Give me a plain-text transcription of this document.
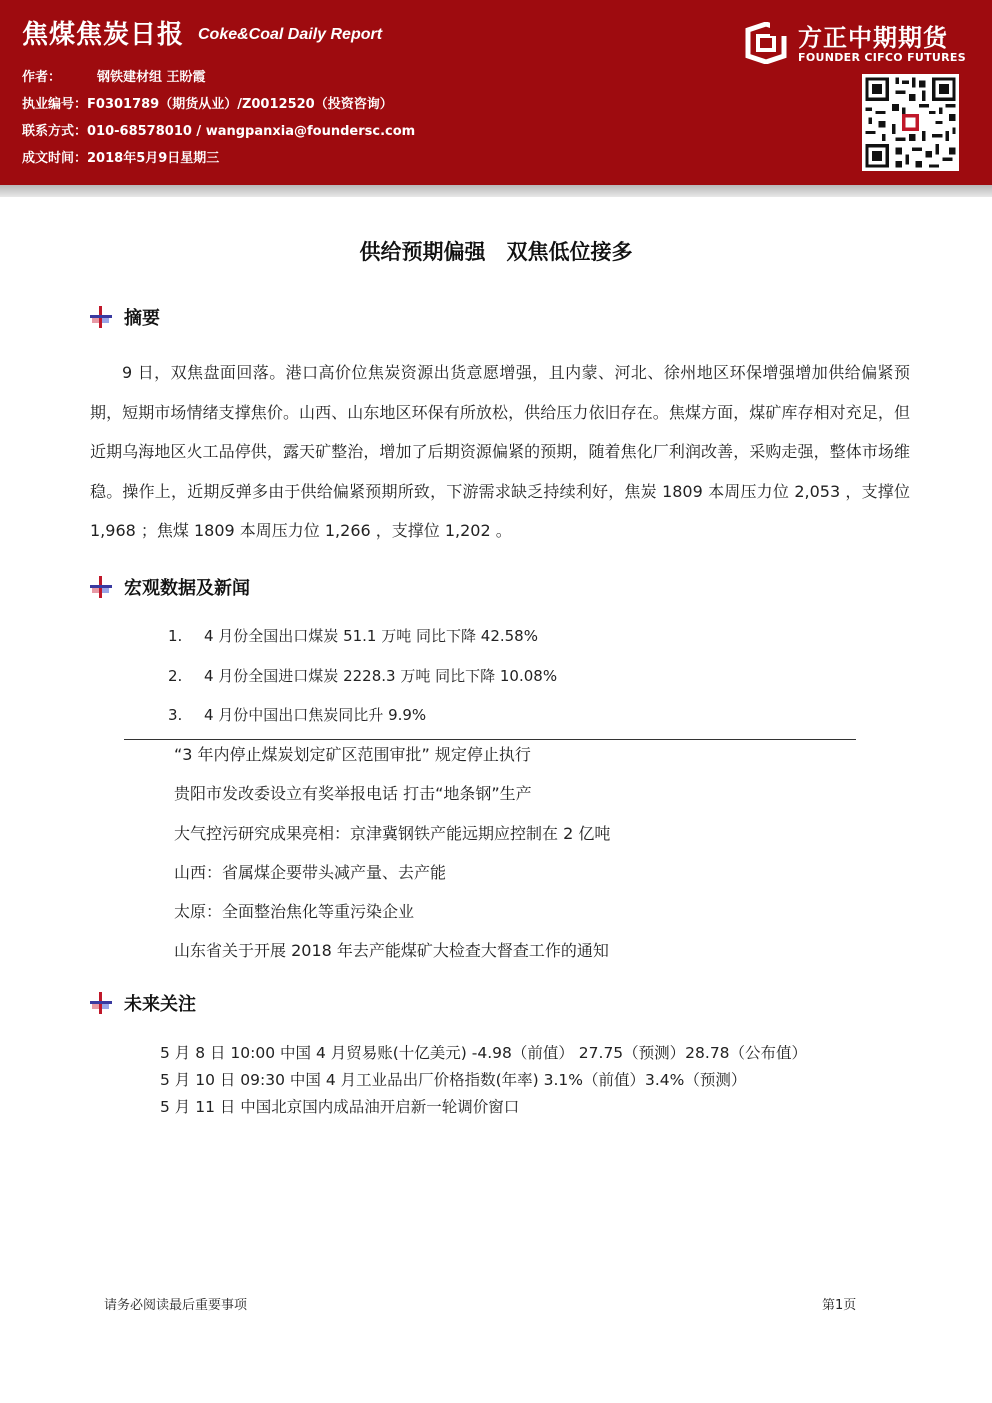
焦煤焦炭日报 Coke&Coal Daily Report
作者：	钢铁建材组 王盼霞
执业编号：F0301789（期货从业）/Z0012520（投资咨询）
联系方式：010-68578010 / wangpanxia@foundersc.com
成文时间：2018年5月9日星期三
方正中期期货
FOUNDER CIFCO FUTURES
供给预期偏强　双焦低位接多
摘要
9 日，双焦盘面回落。港口高价位焦炭资源出货意愿增强，且内蒙、河北、徐州地区环保增强增加供给偏紧预期，短期市场情绪支撑焦价。山西、山东地区环保有所放松，供给压力依旧存在。焦煤方面，煤矿库存相对充足，但近期乌海地区火工品停供，露天矿整治，增加了后期资源偏紧的预期，随着焦化厂利润改善，采购走强，整体市场维稳。操作上，近期反弹多由于供给偏紧预期所致，下游需求缺乏持续利好，焦炭 1809 本周压力位 2,053 ，支撑位 1,968 ；焦煤 1809 本周压力位 1,266 ，支撑位 1,202 。
宏观数据及新闻
1. 4 月份全国出口煤炭 51.1 万吨 同比下降 42.58%
2. 4 月份全国进口煤炭 2228.3 万吨 同比下降 10.08%
3. 4 月份中国出口焦炭同比升 9.9%
“3 年内停止煤炭划定矿区范围审批” 规定停止执行
贵阳市发改委设立有奖举报电话 打击“地条钢”生产
大气控污研究成果亮相：京津冀钢铁产能远期应控制在 2 亿吨
山西：省属煤企要带头减产量、去产能
太原：全面整治焦化等重污染企业
山东省关于开展 2018 年去产能煤矿大检查大督查工作的通知
未来关注
5 月 8 日 10:00 中国 4 月贸易账(十亿美元) -4.98（前值） 27.75（预测）28.78（公布值）
5 月 10 日 09:30 中国 4 月工业品出厂价格指数(年率) 3.1%（前值）3.4%（预测）
5 月 11 日 中国北京国内成品油开启新一轮调价窗口
请务必阅读最后重要事项	第1页
